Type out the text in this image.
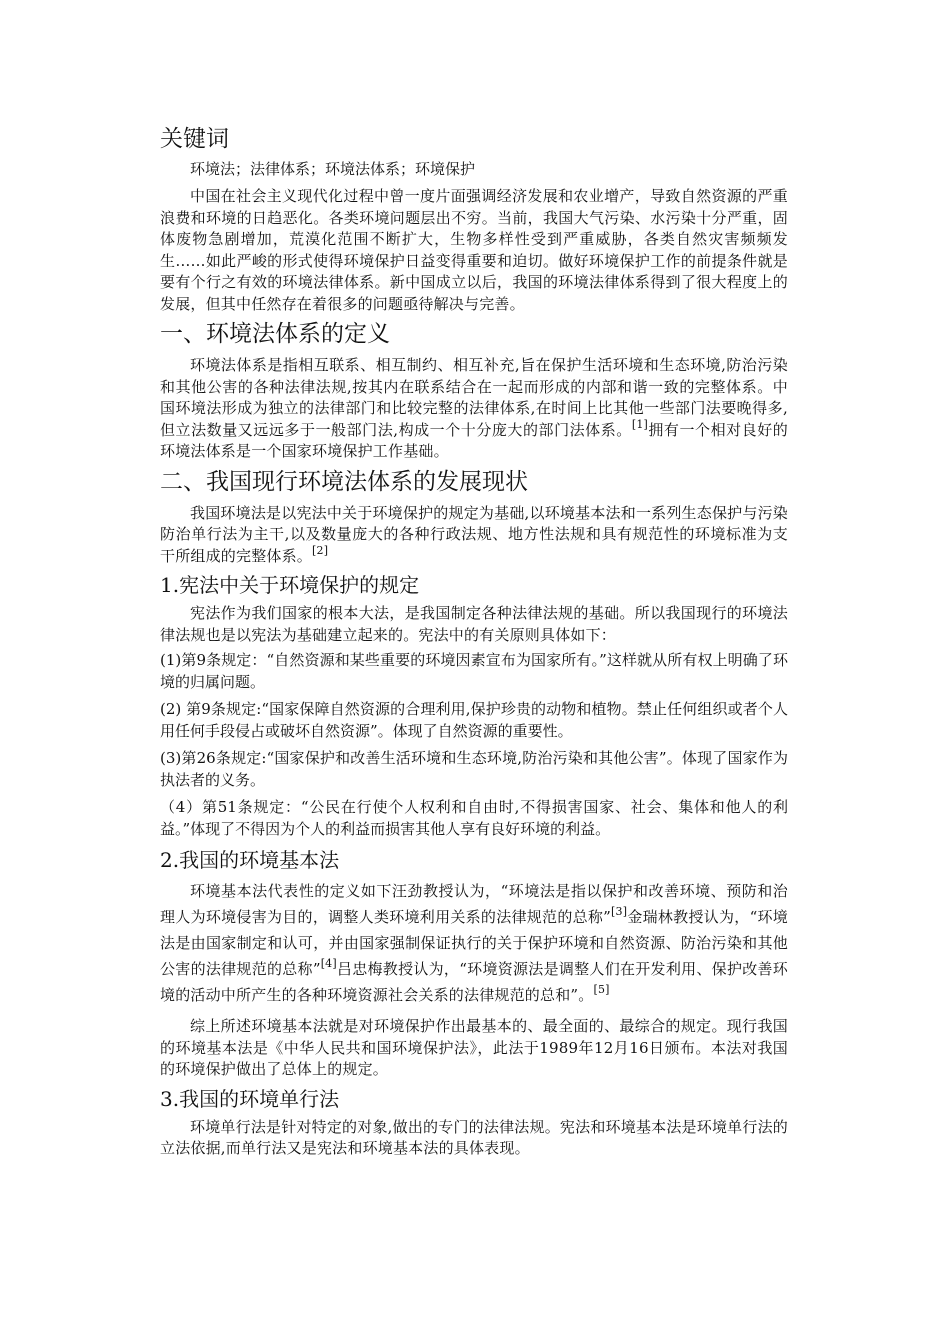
关键词

环境法；法律体系；环境法体系；环境保护

中国在社会主义现代化过程中曾一度片面强调经济发展和农业增产，导致自然资源的严重浪费和环境的日趋恶化。各类环境问题层出不穷。当前，我国大气污染、水污染十分严重，固体废物急剧增加，荒漠化范围不断扩大，生物多样性受到严重威胁，各类自然灾害频频发生……如此严峻的形式使得环境保护日益变得重要和迫切。做好环境保护工作的前提条件就是要有个行之有效的环境法律体系。新中国成立以后，我国的环境法律体系得到了很大程度上的发展，但其中任然存在着很多的问题亟待解决与完善。

一、环境法体系的定义

环境法体系是指相互联系、相互制约、相互补充,旨在保护生活环境和生态环境,防治污染和其他公害的各种法律法规,按其内在联系结合在一起而形成的内部和谐一致的完整体系。中国环境法形成为独立的法律部门和比较完整的法律体系,在时间上比其他一些部门法要晚得多,但立法数量又远远多于一般部门法,构成一个十分庞大的部门法体系。[1]拥有一个相对良好的环境法体系是一个国家环境保护工作基础。

二、我国现行环境法体系的发展现状

我国环境法是以宪法中关于环境保护的规定为基础,以环境基本法和一系列生态保护与污染防治单行法为主干,以及数量庞大的各种行政法规、地方性法规和具有规范性的环境标准为支干所组成的完整体系。[2]

1.宪法中关于环境保护的规定

宪法作为我们国家的根本大法，是我国制定各种法律法规的基础。所以我国现行的环境法律法规也是以宪法为基础建立起来的。宪法中的有关原则具体如下：

(1)第9条规定：“自然资源和某些重要的环境因素宣布为国家所有。”这样就从所有权上明确了环境的归属问题。

(2) 第9条规定:“国家保障自然资源的合理利用,保护珍贵的动物和植物。禁止任何组织或者个人用任何手段侵占或破坏自然资源”。体现了自然资源的重要性。

(3)第26条规定:“国家保护和改善生活环境和生态环境,防治污染和其他公害”。体现了国家作为执法者的义务。

（4）第51条规定：“公民在行使个人权利和自由时,不得损害国家、社会、集体和他人的利益。”体现了不得因为个人的利益而损害其他人享有良好环境的利益。

2.我国的环境基本法

环境基本法代表性的定义如下汪劲教授认为，“环境法是指以保护和改善环境、预防和治理人为环境侵害为目的，调整人类环境利用关系的法律规范的总称”[3]金瑞林教授认为，“环境法是由国家制定和认可，并由国家强制保证执行的关于保护环境和自然资源、防治污染和其他公害的法律规范的总称”[4]吕忠梅教授认为，“环境资源法是调整人们在开发利用、保护改善环境的活动中所产生的各种环境资源社会关系的法律规范的总和”。[5]

综上所述环境基本法就是对环境保护作出最基本的、最全面的、最综合的规定。现行我国的环境基本法是《中华人民共和国环境保护法》，此法于1989年12月16日颁布。本法对我国的环境保护做出了总体上的规定。

3.我国的环境单行法

环境单行法是针对特定的对象,做出的专门的法律法规。宪法和环境基本法是环境单行法的立法依据,而单行法又是宪法和环境基本法的具体表现。
